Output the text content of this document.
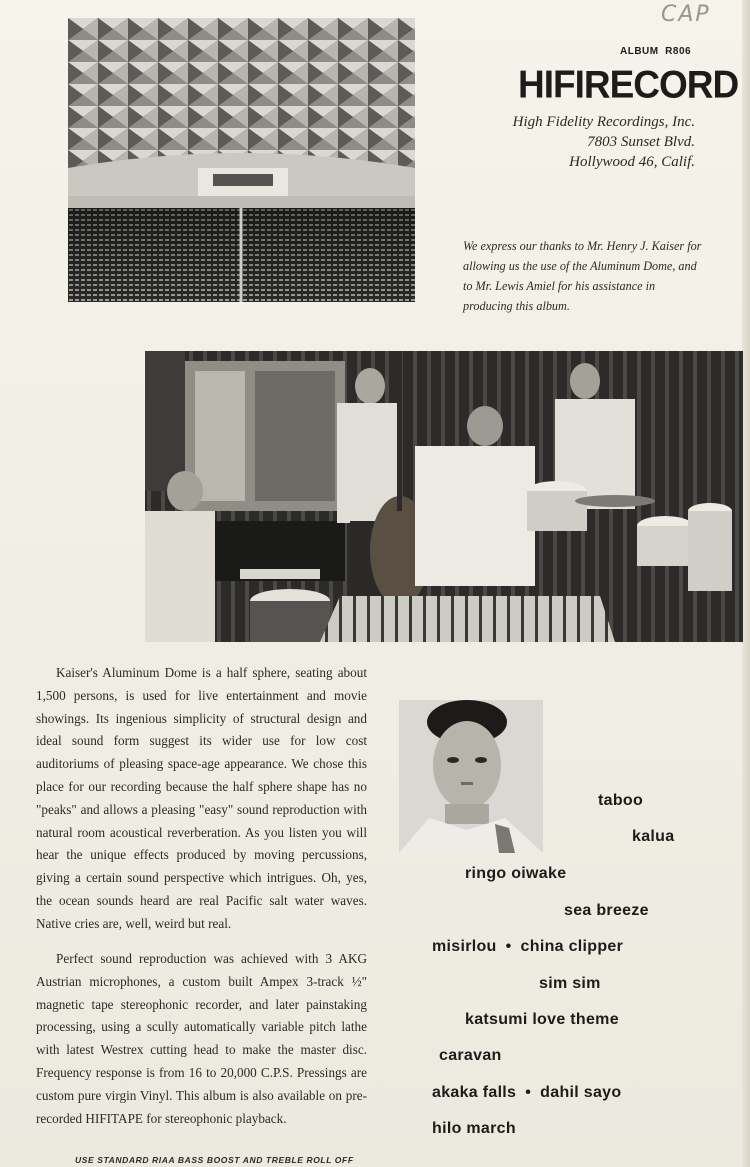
CAP
ALBUM R806
HIFIRECORD
High Fidelity Recordings, Inc.
7803 Sunset Blvd.
Hollywood 46, Calif.
We express our thanks to Mr. Henry J. Kaiser for allowing us the use of the Aluminum Dome, and to Mr. Lewis Amiel for his assistance in producing this album.

Kaiser's Aluminum Dome is a half sphere, seating about 1,500 persons, is used for live entertainment and movie showings. Its ingenious simplicity of structural design and ideal sound form suggest its wider use for low cost auditoriums of pleasing space-age appearance. We chose this place for our recording because the half sphere shape has no "peaks" and allows a pleasing "easy" sound reproduction with natural room acoustical reverberation. As you listen you will hear the unique effects produced by moving percussions, giving a certain sound perspective which intrigues. Oh, yes, the ocean sounds heard are real Pacific salt water waves. Native cries are, well, weird but real.

Perfect sound reproduction was achieved with 3 AKG Austrian microphones, a custom built Ampex 3-track ½" magnetic tape stereophonic recorder, and later painstaking processing, using a scully automatically variable pitch lathe with latest Westrex cutting head to make the master disc. Frequency response is from 16 to 20,000 C.P.S. Pressings are custom pure virgin Vinyl. This album is also available on pre-recorded HIFITAPE for stereophonic playback.

USE STANDARD RIAA BASS BOOST AND TREBLE ROLL OFF
taboo
kalua
ringo oiwake
sea breeze
misirlou • china clipper
sim sim
katsumi love theme
caravan
akaka falls • dahil sayo
hilo march
